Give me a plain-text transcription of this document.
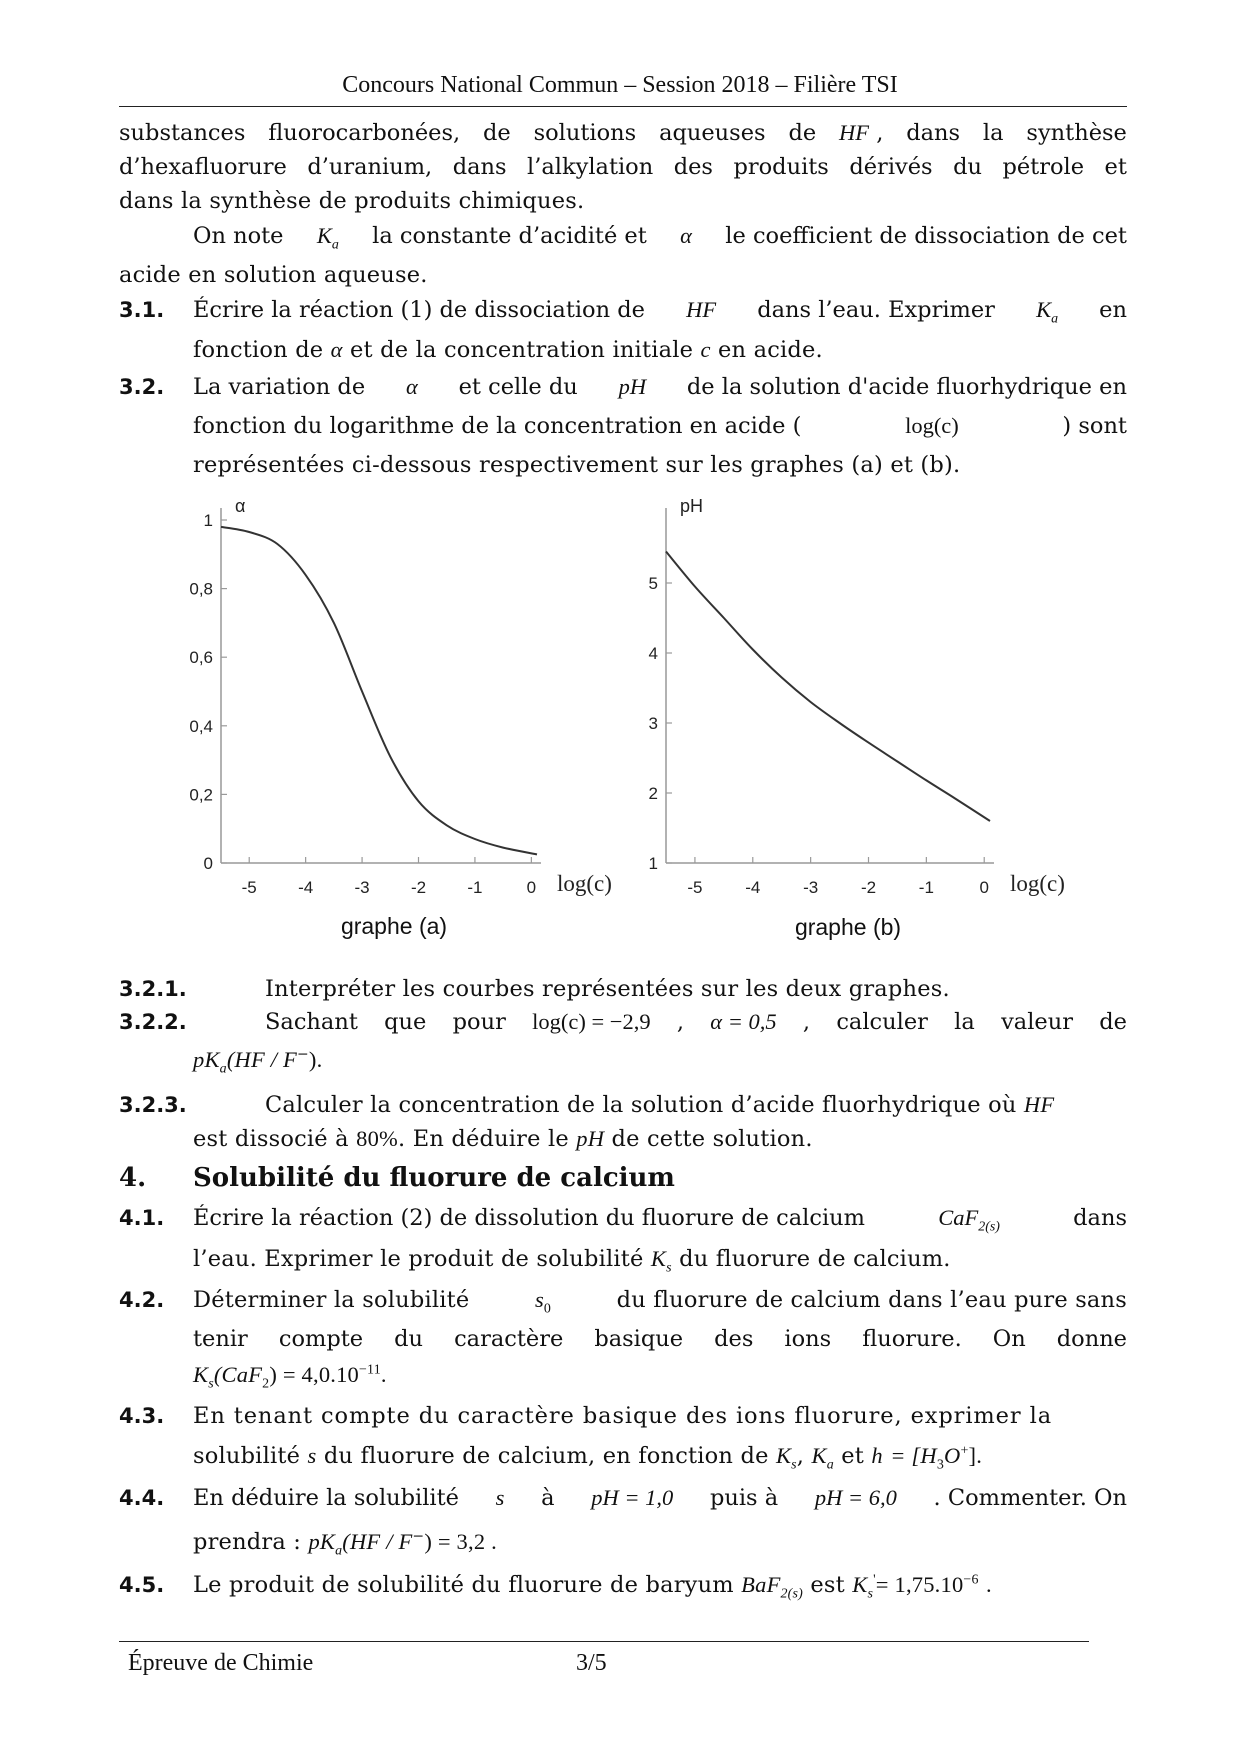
Concours National Commun – Session 2018 – Filière TSI
substances fluorocarbonées, de solutions aqueuses de HF , dans la synthèse
d’hexafluorure d’uranium, dans l’alkylation des produits dérivés du pétrole et
dans la synthèse de produits chimiques.
On note $K_a$ la constante d’acidité et α le coefficient de dissociation de cet
acide en solution aqueuse.
3.1. Écrire la réaction (1) de dissociation de HF dans l’eau. Exprimer $K_a$ en
fonction de α et de la concentration initiale c en acide.
3.2. La variation de α et celle du pH de la solution d'acide fluorhydrique en
fonction du logarithme de la concentration en acide (	log(c)	) sont
représentées ci-dessous respectivement sur les graphes (a) et (b).
0
0,2
0,4
0,6
0,8
1
-5 -4 -3 -2 -1	0
α
log(c)
1
2
3
4
5
-5	-4	-3	-2	-1	0
pH
log(c)
graphe (a)	graphe (b)
3.2.1.	Interpréter les courbes représentées sur les deux graphes.
3.2.2.	Sachant que pour log(c) = −2,9 , α = 0,5 , calculer la valeur de
$pK_a(HF / F^-)$.
3.2.3.	Calculer la concentration de la solution d’acide fluorhydrique où HF
est dissocié à 80%. En déduire le pH de cette solution.
4. Solubilité du fluorure de calcium
4.1. Écrire la réaction (2) de dissolution du fluorure de calcium	CaF$_{2(s)}$	dans
l’eau. Exprimer le produit de solubilité $K_s$ du fluorure de calcium.
4.2. Déterminer la solubilité	$s_0$	du fluorure de calcium dans l’eau pure sans
tenir compte du caractère basique des ions fluorure. On donne
$K_s(CaF_2) = 4,0.10^{-11}$.
4.3. En tenant compte du caractère basique des ions fluorure, exprimer la
solubilité s du fluorure de calcium, en fonction de $K_s$, $K_a$ et $h = [H_3O^+]$.
4.4. En déduire la solubilité s à pH = 1,0 puis à pH = 6,0 . Commenter. On
prendra : $pK_a(HF / F^-) = 3,2$ .
4.5. Le produit de solubilité du fluorure de baryum BaF$_{2(s)}$ est $K_s'= 1,75.10^{-6}$ .
Épreuve de Chimie	3/5
